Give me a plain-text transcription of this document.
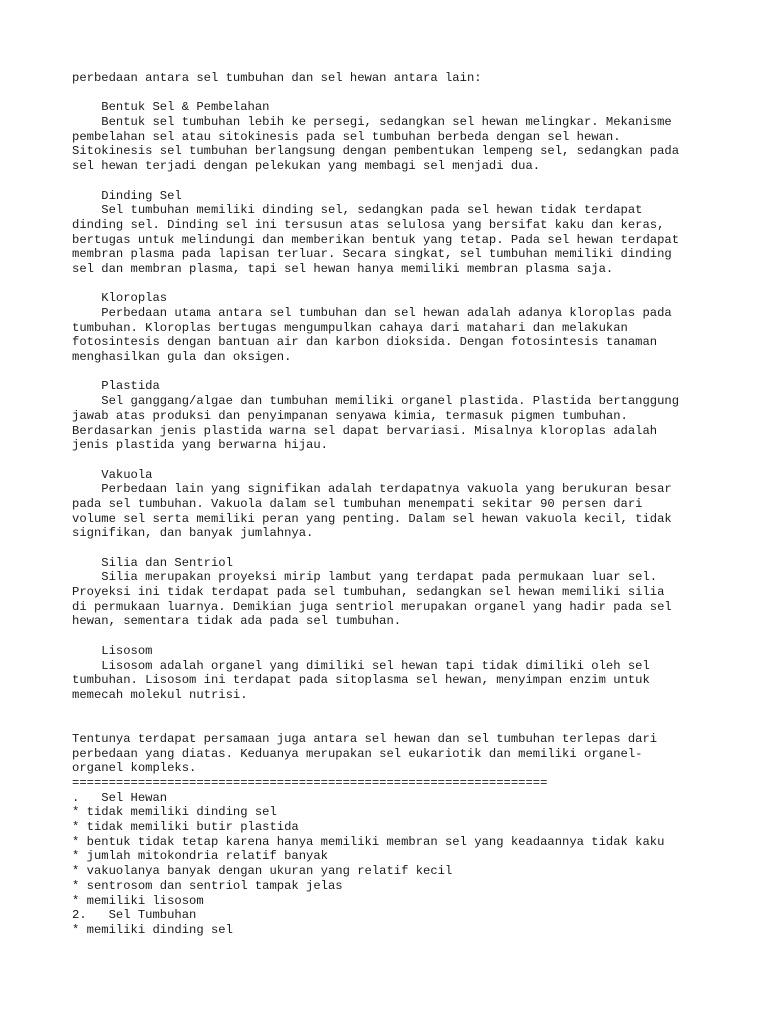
perbedaan antara sel tumbuhan dan sel hewan antara lain:
Bentuk Sel & Pembelahan
Bentuk sel tumbuhan lebih ke persegi, sedangkan sel hewan melingkar. Mekanisme
pembelahan sel atau sitokinesis pada sel tumbuhan berbeda dengan sel hewan.
Sitokinesis sel tumbuhan berlangsung dengan pembentukan lempeng sel, sedangkan pada
sel hewan terjadi dengan pelekukan yang membagi sel menjadi dua.
Dinding Sel
Sel tumbuhan memiliki dinding sel, sedangkan pada sel hewan tidak terdapat
dinding sel. Dinding sel ini tersusun atas selulosa yang bersifat kaku dan keras,
bertugas untuk melindungi dan memberikan bentuk yang tetap. Pada sel hewan terdapat
membran plasma pada lapisan terluar. Secara singkat, sel tumbuhan memiliki dinding
sel dan membran plasma, tapi sel hewan hanya memiliki membran plasma saja.
Kloroplas
Perbedaan utama antara sel tumbuhan dan sel hewan adalah adanya kloroplas pada
tumbuhan. Kloroplas bertugas mengumpulkan cahaya dari matahari dan melakukan
fotosintesis dengan bantuan air dan karbon dioksida. Dengan fotosintesis tanaman
menghasilkan gula dan oksigen.
Plastida
Sel ganggang/algae dan tumbuhan memiliki organel plastida. Plastida bertanggung
jawab atas produksi dan penyimpanan senyawa kimia, termasuk pigmen tumbuhan.
Berdasarkan jenis plastida warna sel dapat bervariasi. Misalnya kloroplas adalah
jenis plastida yang berwarna hijau.
Vakuola
Perbedaan lain yang signifikan adalah terdapatnya vakuola yang berukuran besar
pada sel tumbuhan. Vakuola dalam sel tumbuhan menempati sekitar 90 persen dari
volume sel serta memiliki peran yang penting. Dalam sel hewan vakuola kecil, tidak
signifikan, dan banyak jumlahnya.
Silia dan Sentriol
Silia merupakan proyeksi mirip lambut yang terdapat pada permukaan luar sel.
Proyeksi ini tidak terdapat pada sel tumbuhan, sedangkan sel hewan memiliki silia
di permukaan luarnya. Demikian juga sentriol merupakan organel yang hadir pada sel
hewan, sementara tidak ada pada sel tumbuhan.
Lisosom
Lisosom adalah organel yang dimiliki sel hewan tapi tidak dimiliki oleh sel
tumbuhan. Lisosom ini terdapat pada sitoplasma sel hewan, menyimpan enzim untuk
memecah molekul nutrisi.
Tentunya terdapat persamaan juga antara sel hewan dan sel tumbuhan terlepas dari
perbedaan yang diatas. Keduanya merupakan sel eukariotik dan memiliki organel-
organel kompleks.
=================================================================
.   Sel Hewan
* tidak memiliki dinding sel
* tidak memiliki butir plastida
* bentuk tidak tetap karena hanya memiliki membran sel yang keadaannya tidak kaku
* jumlah mitokondria relatif banyak
* vakuolanya banyak dengan ukuran yang relatif kecil
* sentrosom dan sentriol tampak jelas
* memiliki lisosom
2.   Sel Tumbuhan
* memiliki dinding sel
